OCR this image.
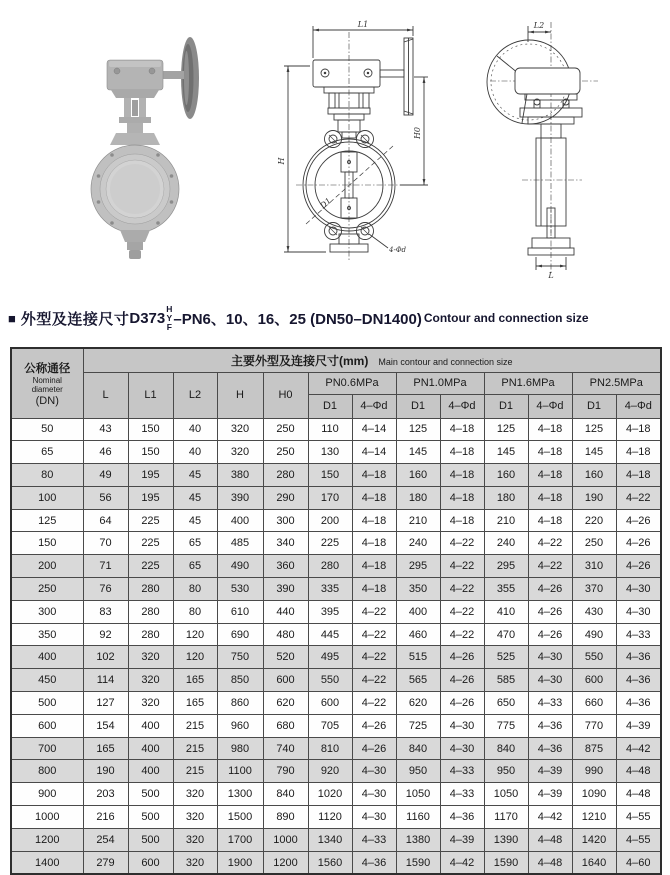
L1
H
H0
D1
4-Φd
L2
L
■ 外型及连接尺寸 D373
H
Y
F –PN6、10、16、25 (DN50–DN1400) Contour and connection size
公称通径
Nominal
diameter
(DN)	主要外型及连接尺寸(mm) Main contour and connection size												
	L	L1	L2	H	H0	PN0.6MPa		PN1.0MPa		PN1.6MPa		PN2.5MPa	
						D1	4–Φd	D1	4–Φd	D1	4–Φd	D1	4–Φd
50	43	150	40	320	250	110	4–14	125	4–18	125	4–18	125	4–18
65	46	150	40	320	250	130	4–14	145	4–18	145	4–18	145	4–18
80	49	195	45	380	280	150	4–18	160	4–18	160	4–18	160	4–18
100	56	195	45	390	290	170	4–18	180	4–18	180	4–18	190	4–22
125	64	225	45	400	300	200	4–18	210	4–18	210	4–18	220	4–26
150	70	225	65	485	340	225	4–18	240	4–22	240	4–22	250	4–26
200	71	225	65	490	360	280	4–18	295	4–22	295	4–22	310	4–26
250	76	280	80	530	390	335	4–18	350	4–22	355	4–26	370	4–30
300	83	280	80	610	440	395	4–22	400	4–22	410	4–26	430	4–30
350	92	280	120	690	480	445	4–22	460	4–22	470	4–26	490	4–33
400	102	320	120	750	520	495	4–22	515	4–26	525	4–30	550	4–36
450	114	320	165	850	600	550	4–22	565	4–26	585	4–30	600	4–36
500	127	320	165	860	620	600	4–22	620	4–26	650	4–33	660	4–36
600	154	400	215	960	680	705	4–26	725	4–30	775	4–36	770	4–39
700	165	400	215	980	740	810	4–26	840	4–30	840	4–36	875	4–42
800	190	400	215	1100	790	920	4–30	950	4–33	950	4–39	990	4–48
900	203	500	320	1300	840	1020	4–30	1050	4–33	1050	4–39	1090	4–48
1000	216	500	320	1500	890	1120	4–30	1160	4–36	1170	4–42	1210	4–55
1200	254	500	320	1700	1000	1340	4–33	1380	4–39	1390	4–48	1420	4–55
1400	279	600	320	1900	1200	1560	4–36	1590	4–42	1590	4–48	1640	4–60
